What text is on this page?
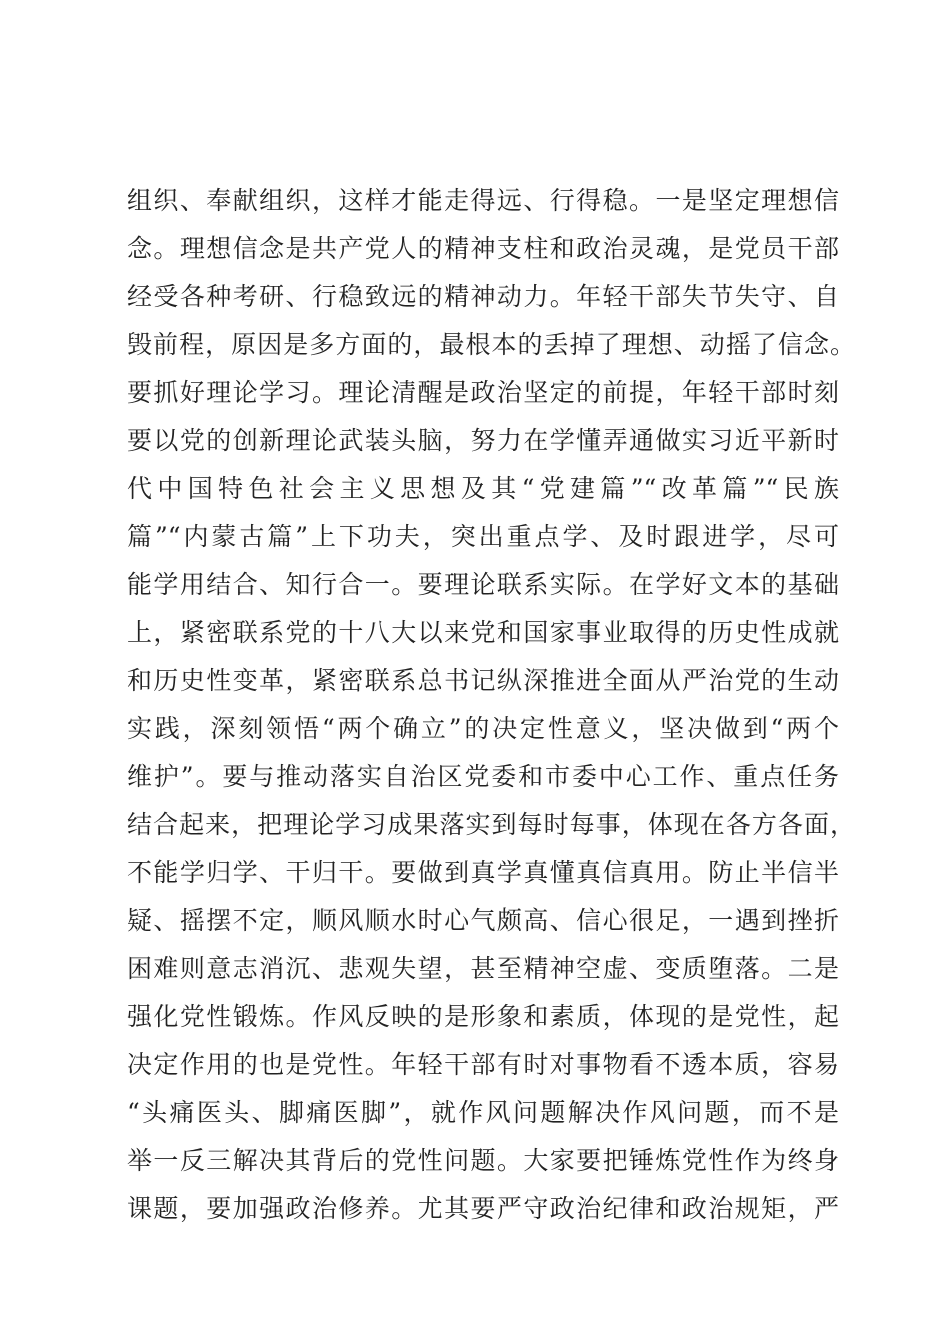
组织、奉献组织，这样才能走得远、行得稳。一是坚定理想信
念。理想信念是共产党人的精神支柱和政治灵魂，是党员干部
经受各种考研、行稳致远的精神动力。年轻干部失节失守、自
毁前程，原因是多方面的，最根本的丢掉了理想、动摇了信念。
要抓好理论学习。理论清醒是政治坚定的前提，年轻干部时刻
要以党的创新理论武装头脑，努力在学懂弄通做实习近平新时
代中国特色社会主义思想及其“党建篇”“改革篇”“民族
篇”“内蒙古篇”上下功夫，突出重点学、及时跟进学，尽可
能学用结合、知行合一。要理论联系实际。在学好文本的基础
上，紧密联系党的十八大以来党和国家事业取得的历史性成就
和历史性变革，紧密联系总书记纵深推进全面从严治党的生动
实践，深刻领悟“两个确立”的决定性意义，坚决做到“两个
维护”。要与推动落实自治区党委和市委中心工作、重点任务
结合起来，把理论学习成果落实到每时每事，体现在各方各面，
不能学归学、干归干。要做到真学真懂真信真用。防止半信半
疑、摇摆不定，顺风顺水时心气颇高、信心很足，一遇到挫折
困难则意志消沉、悲观失望，甚至精神空虚、变质堕落。二是
强化党性锻炼。作风反映的是形象和素质，体现的是党性，起
决定作用的也是党性。年轻干部有时对事物看不透本质，容易
“头痛医头、脚痛医脚”，就作风问题解决作风问题，而不是
举一反三解决其背后的党性问题。大家要把锤炼党性作为终身
课题，要加强政治修养。尤其要严守政治纪律和政治规矩，严
